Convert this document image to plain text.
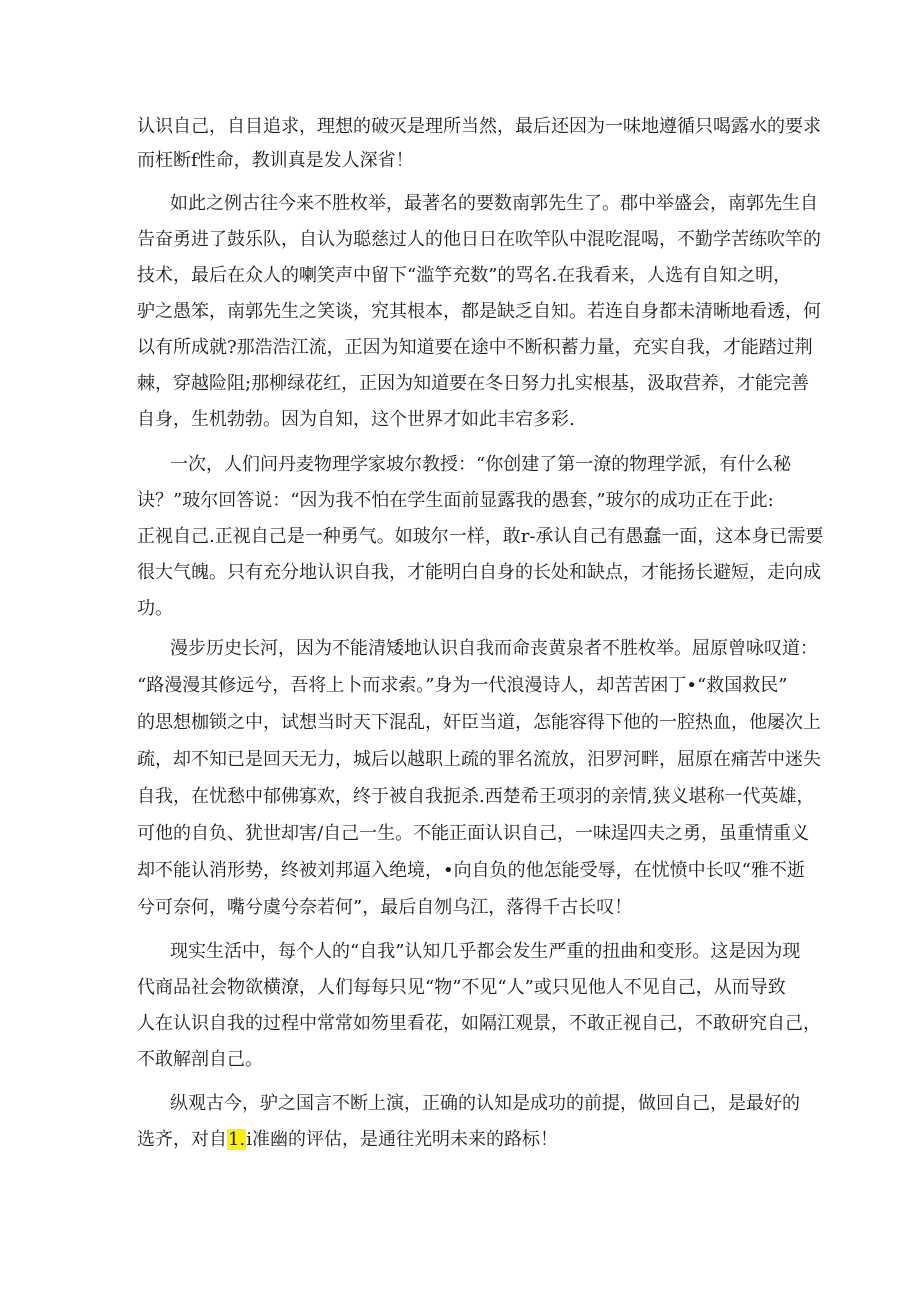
认识自己，自目追求，理想的破灭是理所当然，最后还因为一味地遵循只喝露水的要求
而枉断f性命，教训真是发人深省！
如此之例古往今来不胜枚举，最著名的要数南郭先生了。郡中举盛会，南郭先生自
告奋勇进了鼓乐队，自认为聪慈过人的他日日在吹竿队中混吃混喝，不勤学苦练吹竿的
技术，最后在众人的喇笑声中留下“滥竽充数”的骂名.在我看来，人选有自知之明，
驴之愚笨，南郭先生之笑谈，究其根本，都是缺乏自知。若连自身都未清晰地看透，何
以有所成就?那浩浩江流，正因为知道要在途中不断积蓄力量，充实自我，才能踏过荆
棘，穿越险阻;那柳绿花红，正因为知道要在冬日努力扎实根基，汲取营养，才能完善
自身，生机勃勃。因为自知，这个世界才如此丰宕多彩.
一次，人们问丹麦物理学家坡尔教授：“你创建了第一潦的物理学派，有什么秘
诀？”玻尔回答说：“因为我不怕在学生面前显露我的愚套，”玻尔的成功正在于此:
正视自己.正视自己是一种勇气。如玻尔一样，敢r-承认自己有愚蠢一面，这本身已需要
很大气魄。只有充分地认识自我，才能明白自身的长处和缺点，才能扬长避短，走向成
功。
漫步历史长河，因为不能清矮地认识自我而命丧黄泉者不胜枚举。屈原曾咏叹道：
“路漫漫其修远兮，吾将上卜而求索。”身为一代浪漫诗人，却苦苦困丁•“救国救民”
的思想枷锁之中，试想当时天下混乱，奸臣当道，怎能容得下他的一腔热血，他屡次上
疏，却不知已是回天无力，城后以越职上疏的罪名流放，汨罗河畔，屈原在痛苦中迷失
自我，在忧愁中郁佛寡欢，终于被自我扼杀.西楚希王项羽的亲情,狭义堪称一代英雄，
可他的自负、犹世却害/自己一生。不能正面认识自己，一味逞四夫之勇，虽重情重义
却不能认消形势，终被刘邦逼入绝境，•向自负的他怎能受辱，在忧愤中长叹“雅不逝
兮可奈何，嘴兮虞兮奈若何”，最后自刎乌江，落得千古长叹！
现实生活中，每个人的“自我”认知几乎都会发生严重的扭曲和变形。这是因为现
代商品社会物欲横潦，人们每每只见“物”不见“人”或只见他人不见自己，从而导致
人在认识自我的过程中常常如笏里看花，如隔江观景，不敢正视自己，不敢研究自己，
不敢解剖自己。
纵观古今，驴之国言不断上演，正确的认知是成功的前提，做回自己，是最好的
选齐，对自1.i准幽的评估，是通往光明未来的路标！
